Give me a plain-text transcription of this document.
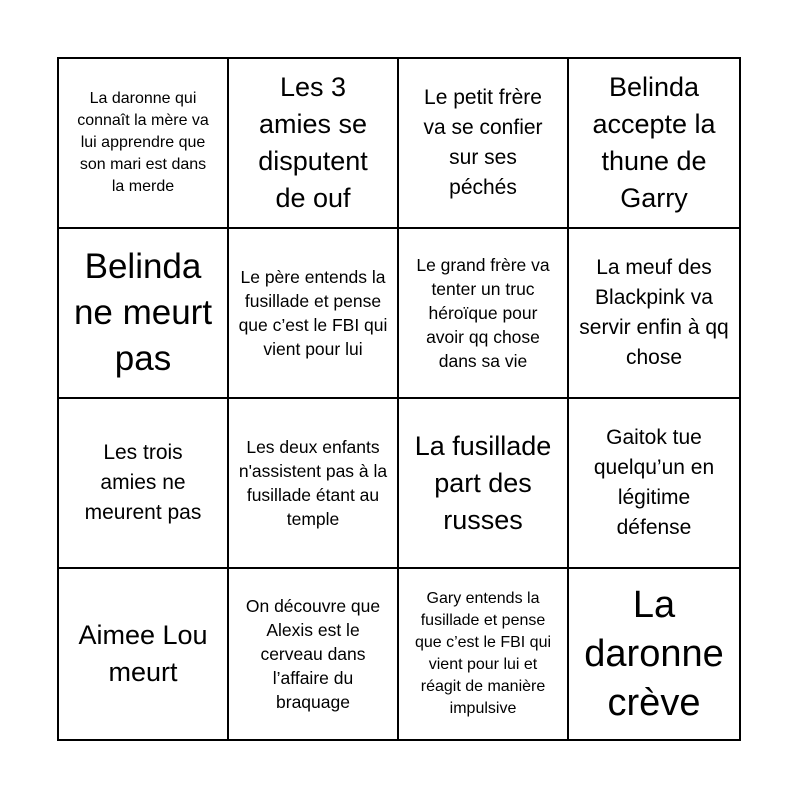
La daronne qui connaît la mère va lui apprendre que son mari est dans la merde
Les 3 amies se disputent de ouf
Le petit frère va se confier sur ses péchés
Belinda accepte la thune de Garry
Belinda ne meurt pas
Le père entends la fusillade et pense que c’est le FBI qui vient pour lui
Le grand frère va tenter un truc héroïque pour avoir qq chose dans sa vie
La meuf des Blackpink va servir enfin à qq chose
Les trois amies ne meurent pas
Les deux enfants n'assistent pas à la fusillade étant au temple
La fusillade part des russes
Gaitok tue quelqu’un en légitime défense
Aimee Lou meurt
On découvre que Alexis est le cerveau dans l’affaire du braquage
Gary entends la fusillade et pense que c’est le FBI qui vient pour lui et réagit de manière impulsive
La daronne crève
